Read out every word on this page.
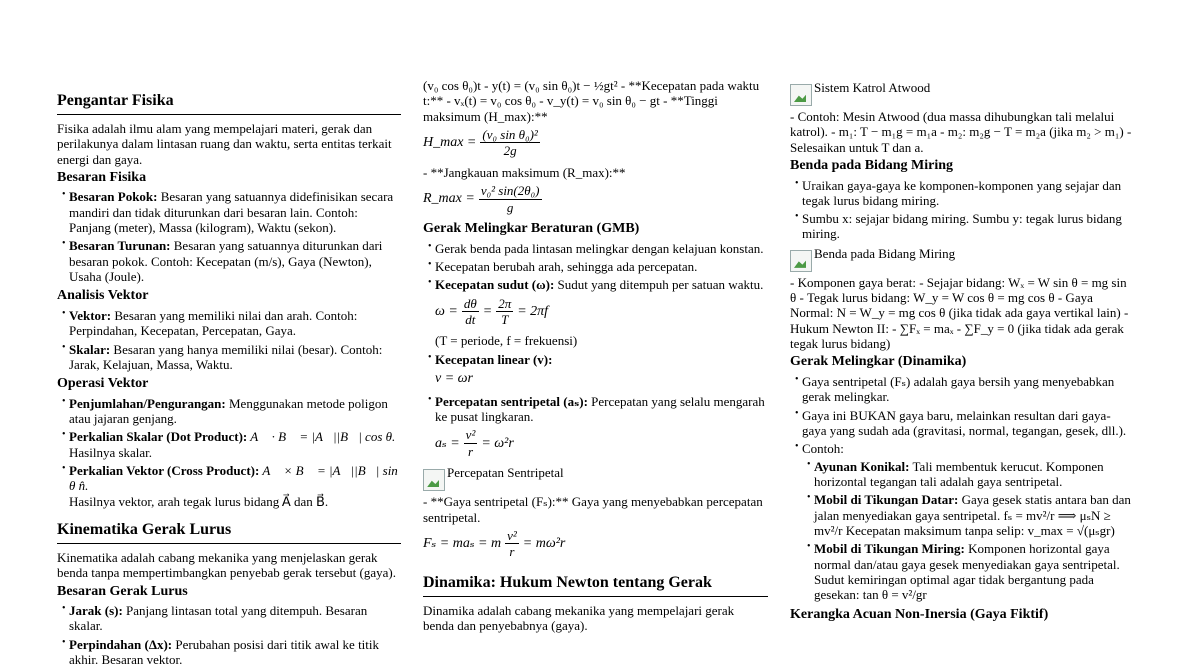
Pengantar Fisika

Fisika adalah ilmu alam yang mempelajari materi, gerak dan perilakunya dalam lintasan ruang dan waktu, serta entitas terkait energi dan gaya.

Besaran Fisika
• Besaran Pokok: Besaran yang satuannya didefinisikan secara mandiri dan tidak diturunkan dari besaran lain. Contoh: Panjang (meter), Massa (kilogram), Waktu (sekon).
• Besaran Turunan: Besaran yang satuannya diturunkan dari besaran pokok. Contoh: Kecepatan (m/s), Gaya (Newton), Usaha (Joule).
Analisis Vektor
• Vektor: Besaran yang memiliki nilai dan arah. Contoh: Perpindahan, Kecepatan, Percepatan, Gaya.
• Skalar: Besaran yang hanya memiliki nilai (besar). Contoh: Jarak, Kelajuan, Massa, Waktu.
Operasi Vektor
• Penjumlahan/Pengurangan: Menggunakan metode poligon atau jajaran genjang.
• Perkalian Skalar (Dot Product): A⃗ · B⃗ = |A⃗||B⃗| cos θ.
Hasilnya skalar.
• Perkalian Vektor (Cross Product): A⃗ × B⃗ = |A⃗||B⃗| sin θ n̂.
Hasilnya vektor, arah tegak lurus bidang A⃗ dan B⃗.
Kinematika Gerak Lurus

Kinematika adalah cabang mekanika yang menjelaskan gerak benda tanpa mempertimbangkan penyebab gerak tersebut (gaya).

Besaran Gerak Lurus
• Jarak (s): Panjang lintasan total yang ditempuh. Besaran skalar.
• Perpindahan (Δx): Perubahan posisi dari titik awal ke titik akhir. Besaran vektor.

(v₀ cos θ₀)t - y(t) = (v₀ sin θ₀)t − ½gt² - **Kecepatan pada waktu t:** - vₓ(t) = v₀ cos θ₀ - v_y(t) = v₀ sin θ₀ − gt - **Tinggi maksimum (H_max):**

H_max = $\frac{\text{(v₀ sin θ₀)²}}{2g}$

- **Jangkauan maksimum (R_max):**

R_max = $\frac{\text{v₀² sin(2θ₀)}}{g}$
Gerak Melingkar Beraturan (GMB)
• Gerak benda pada lintasan melingkar dengan kelajuan konstan.
• Kecepatan berubah arah, sehingga ada percepatan.
• Kecepatan sudut (ω): Sudut yang ditempuh per satuan waktu.
$\omega = \frac{d\theta}{dt} = \frac{2\pi}{T} = 2\pi f$
(T = periode, f = frekuensi)
• Kecepatan linear (v):
v = ωr
• Percepatan sentripetal (aₛ): Percepatan yang selalu mengarah ke pusat lingkaran.
$a_s = \frac{\text{v²}}{r} = \omega^2r$
Percepatan Sentripetal

- **Gaya sentripetal (Fₛ):** Gaya yang menyebabkan percepatan sentripetal.

Fₛ = maₛ = m $\frac{\text{v²}}{r} = m\omega^2r$
Dinamika: Hukum Newton tentang Gerak

Dinamika adalah cabang mekanika yang mempelajari gerak benda dan penyebabnya (gaya).

Sistem Katrol Atwood

- Contoh: Mesin Atwood (dua massa dihubungkan tali melalui katrol). - m₁: T − m₁g = m₁a - m₂: m₂g − T = m₂a (jika m₂ > m₁) - Selesaikan untuk T dan a.

Benda pada Bidang Miring
• Uraikan gaya-gaya ke komponen-komponen yang sejajar dan tegak lurus bidang miring.
• Sumbu x: sejajar bidang miring. Sumbu y: tegak lurus bidang miring.
Benda pada Bidang Miring

- Komponen gaya berat: - Sejajar bidang: Wₓ = W sin θ = mg sin θ - Tegak lurus bidang: W_y = W cos θ = mg cos θ - Gaya Normal: N = W_y = mg cos θ (jika tidak ada gaya vertikal lain) - Hukum Newton II: - ∑Fₓ = maₓ - ∑F_y = 0 (jika tidak ada gerak tegak lurus bidang)

Gerak Melingkar (Dinamika)
• Gaya sentripetal (Fₛ) adalah gaya bersih yang menyebabkan gerak melingkar.
• Gaya ini BUKAN gaya baru, melainkan resultan dari gaya-gaya yang sudah ada (gravitasi, normal, tegangan, gesek, dll.).
• Contoh:
• Ayunan Konikal: Tali membentuk kerucut. Komponen horizontal tegangan tali adalah gaya sentripetal.
• Mobil di Tikungan Datar: Gaya gesek statis antara ban dan jalan menyediakan gaya sentripetal. fₛ = mv²/r ⟹ μₛN ≥ mv²/r Kecepatan maksimum tanpa selip: v_max = √(μₛgr)
• Mobil di Tikungan Miring: Komponen horizontal gaya normal dan/atau gaya gesek menyediakan gaya sentripetal. Sudut kemiringan optimal agar tidak bergantung pada gesekan: tan θ = v²/gr
Kerangka Acuan Non-Inersia (Gaya Fiktif)
